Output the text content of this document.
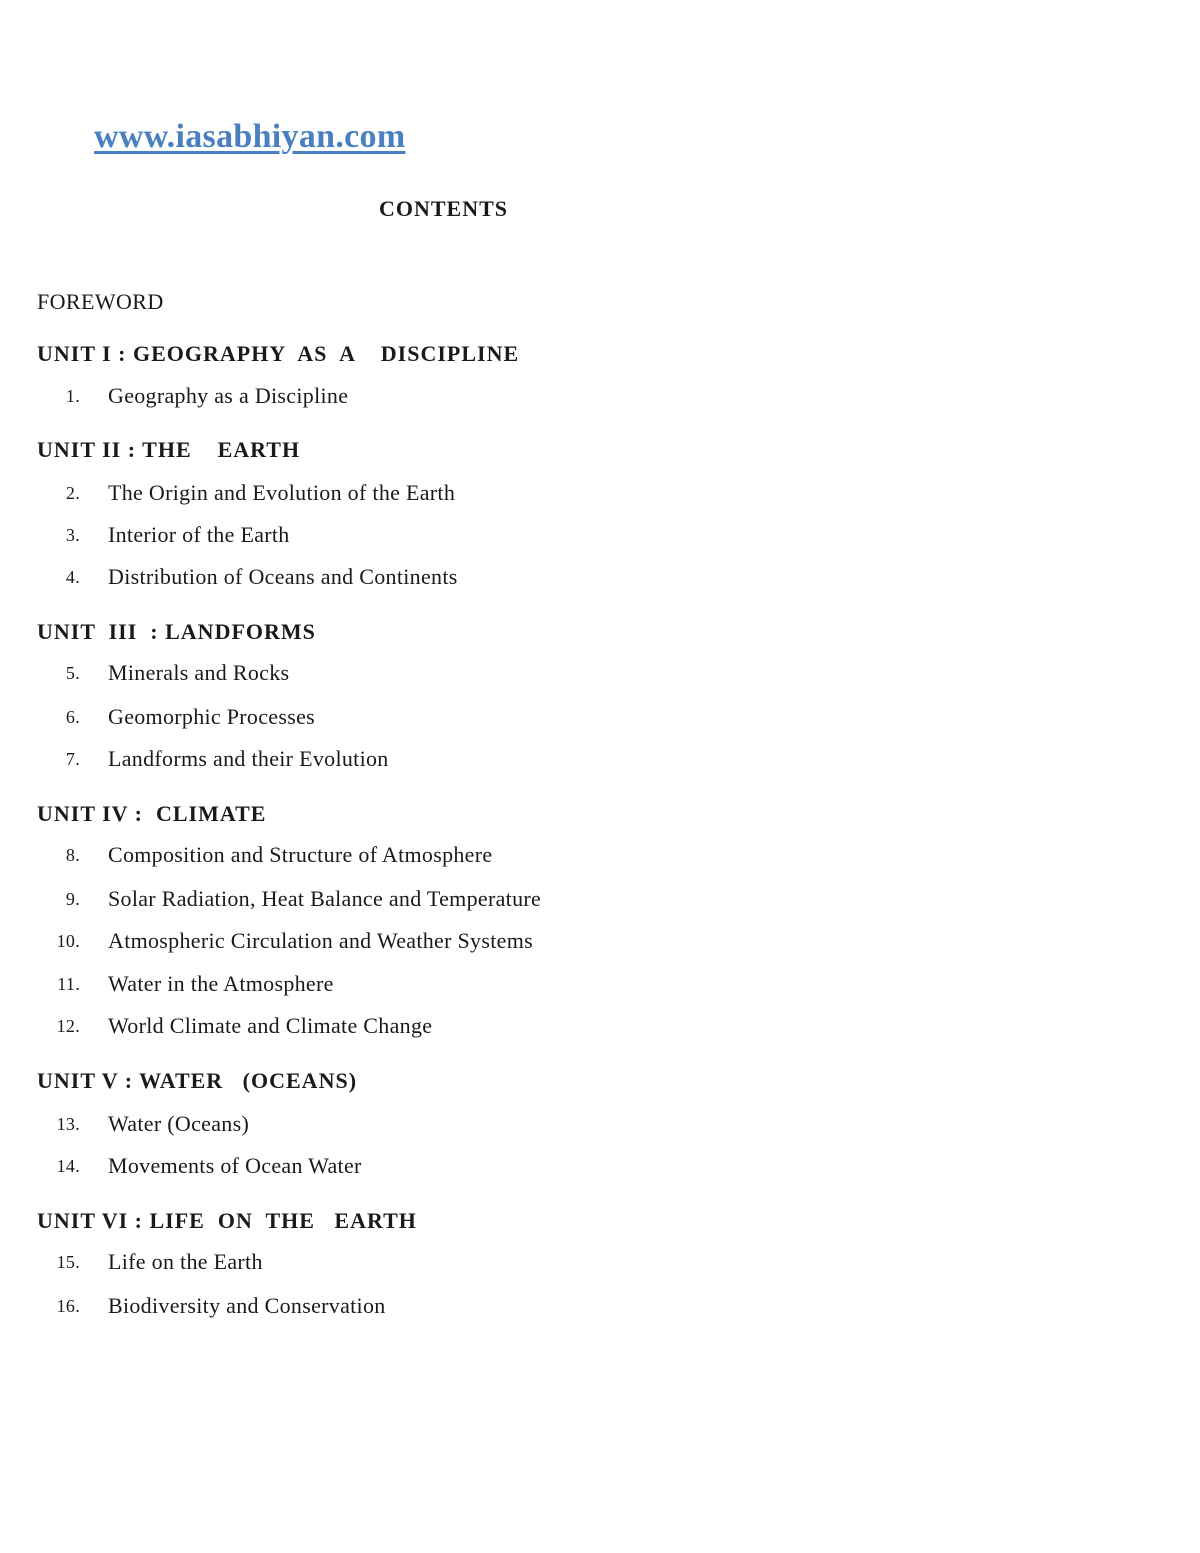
www.iasabhiyan.com
CONTENTS
FOREWORD
UNIT I : GEOGRAPHY  AS  A    DISCIPLINE
1. Geography as a Discipline
UNIT II : THE    EARTH
2. The Origin and Evolution of the Earth
3. Interior of the Earth
4. Distribution of Oceans and Continents
UNIT  III  : LANDFORMS
5. Minerals and Rocks
6. Geomorphic Processes
7. Landforms and their Evolution
UNIT IV :  CLIMATE
8. Composition and Structure of Atmosphere
9. Solar Radiation, Heat Balance and Temperature
10. Atmospheric Circulation and Weather Systems
11. Water in the Atmosphere
12. World Climate and Climate Change
UNIT V : WATER   (OCEANS)
13. Water (Oceans)
14. Movements of Ocean Water
UNIT VI : LIFE  ON  THE   EARTH
15. Life on the Earth
16. Biodiversity and Conservation
